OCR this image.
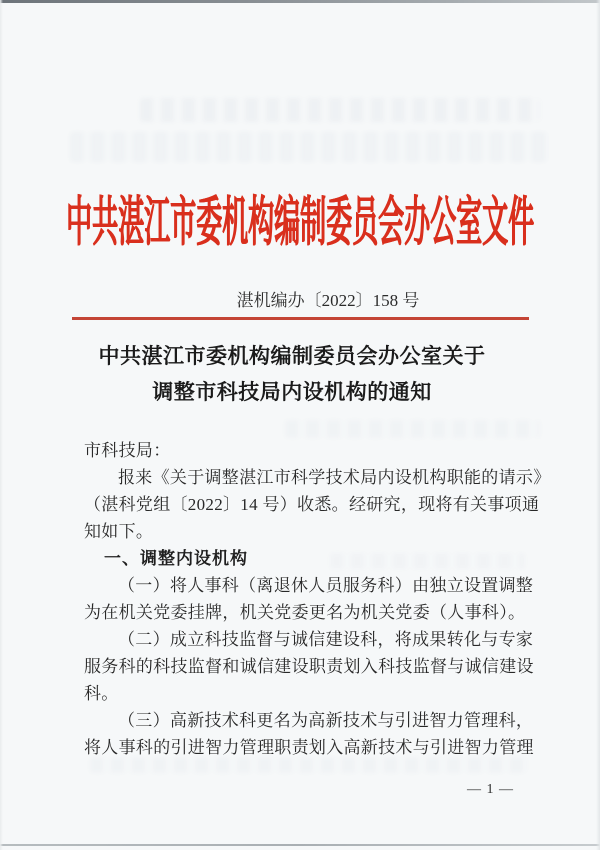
中共湛江市委机构编制委员会办公室文件
湛机编办〔2022〕158 号
中共湛江市委机构编制委员会办公室关于
调整市科技局内设机构的通知
市科技局：
报来《关于调整湛江市科学技术局内设机构职能的请示》
（湛科党组〔2022〕14 号）收悉。经研究，现将有关事项通
知如下。
一、调整内设机构
（一）将人事科（离退休人员服务科）由独立设置调整
为在机关党委挂牌，机关党委更名为机关党委（人事科）。
（二）成立科技监督与诚信建设科，将成果转化与专家
服务科的科技监督和诚信建设职责划入科技监督与诚信建设
科。
（三）高新技术科更名为高新技术与引进智力管理科，
将人事科的引进智力管理职责划入高新技术与引进智力管理
— 1 —
